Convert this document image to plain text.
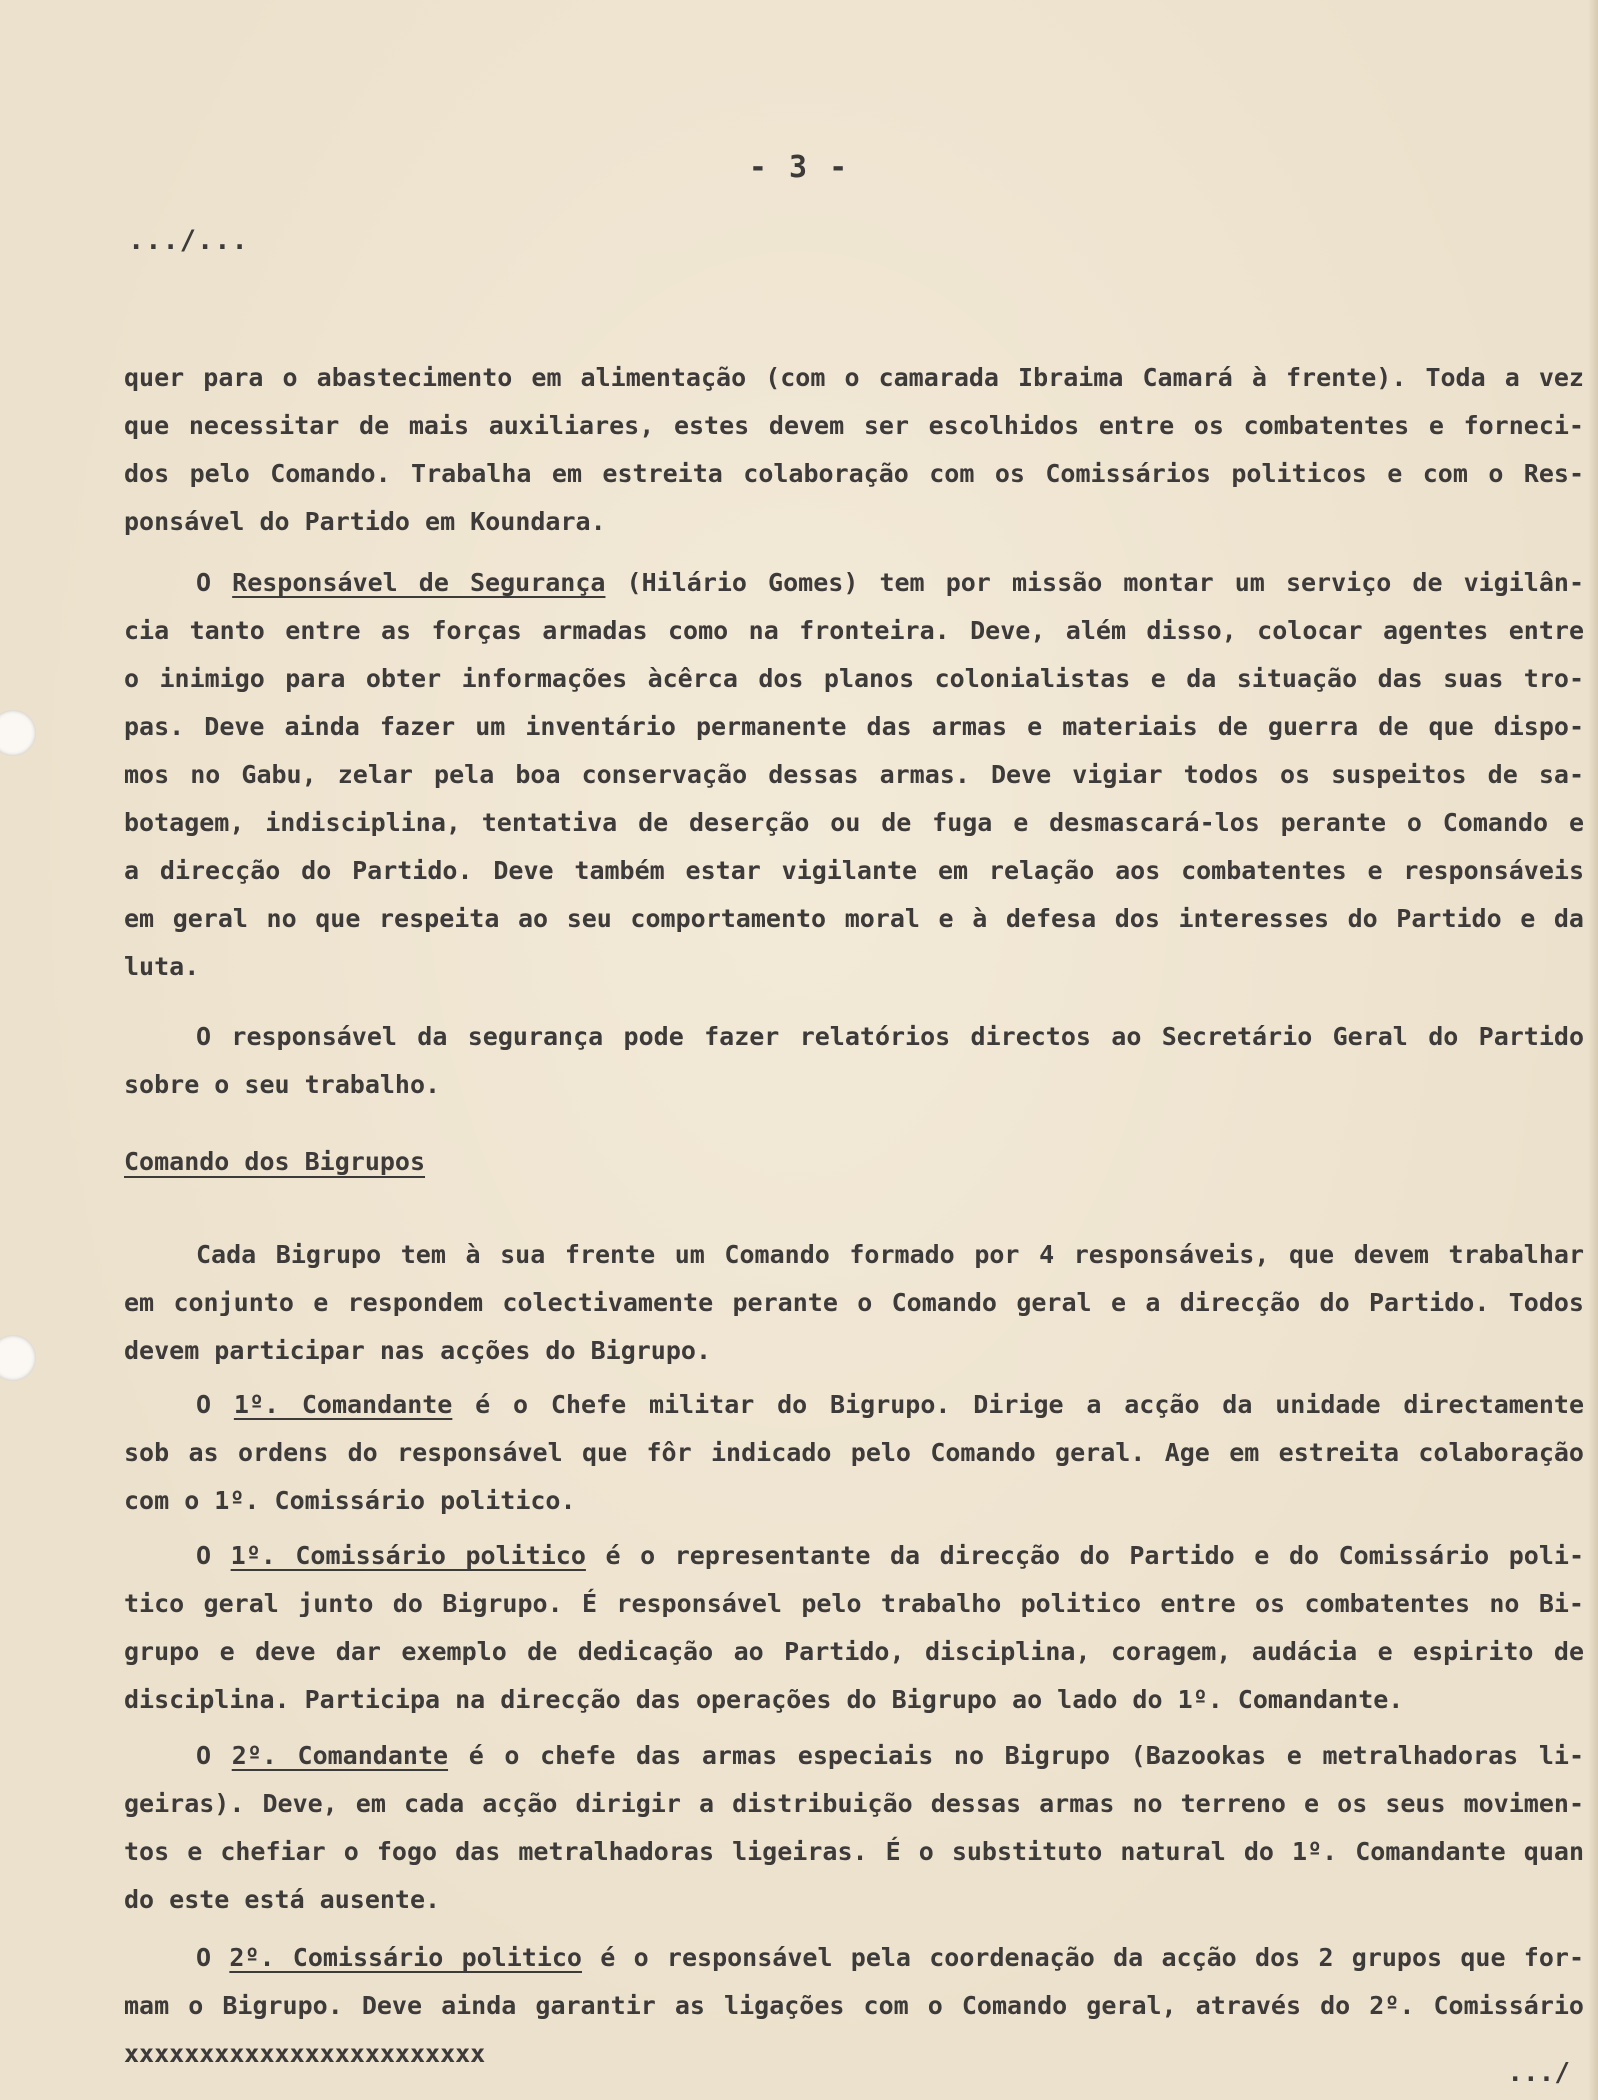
- 3 -
.../...
quer para o abastecimento em alimentação (com o camarada Ibraima Camará à frente). Toda a vez
que necessitar de mais auxiliares, estes devem ser escolhidos entre os combatentes e forneci-
dos pelo Comando. Trabalha em estreita colaboração com os Comissários politicos e com o Res-
ponsável do Partido em Koundara.
O Responsável de Segurança (Hilário Gomes) tem por missão montar um serviço de vigilân-
cia tanto entre as forças armadas como na fronteira. Deve, além disso, colocar agentes entre
o inimigo para obter informações àcêrca dos planos colonialistas e da situação das suas tro-
pas. Deve ainda fazer um inventário permanente das armas e materiais de guerra de que dispo-
mos no Gabu, zelar pela boa conservação dessas armas. Deve vigiar todos os suspeitos de sa-
botagem, indisciplina, tentativa de deserção ou de fuga e desmascará-los perante o Comando e
a direcção do Partido. Deve também estar vigilante em relação aos combatentes e responsáveis
em geral no que respeita ao seu comportamento moral e à defesa dos interesses do Partido e da
luta.
O responsável da segurança pode fazer relatórios directos ao Secretário Geral do Partido
sobre o seu trabalho.
Comando dos Bigrupos
Cada Bigrupo tem à sua frente um Comando formado por 4 responsáveis, que devem trabalhar
em conjunto e respondem colectivamente perante o Comando geral e a direcção do Partido. Todos
devem participar nas acções do Bigrupo.
O 1º. Comandante é o Chefe militar do Bigrupo. Dirige a acção da unidade directamente
sob as ordens do responsável que fôr indicado pelo Comando geral. Age em estreita colaboração
com o 1º. Comissário politico.
O 1º. Comissário politico é o representante da direcção do Partido e do Comissário poli-
tico geral junto do Bigrupo. É responsável pelo trabalho politico entre os combatentes no Bi-
grupo e deve dar exemplo de dedicação ao Partido, disciplina, coragem, audácia e espirito de
disciplina. Participa na direcção das operações do Bigrupo ao lado do 1º. Comandante.
O 2º. Comandante é o chefe das armas especiais no Bigrupo (Bazookas e metralhadoras li-
geiras). Deve, em cada acção dirigir a distribuição dessas armas no terreno e os seus movimen-
tos e chefiar o fogo das metralhadoras ligeiras. É o substituto natural do 1º. Comandante quan
do este está ausente.
O 2º. Comissário politico é o responsável pela coordenação da acção dos 2 grupos que for-
mam o Bigrupo. Deve ainda garantir as ligações com o Comando geral, através do 2º. Comissário
xxxxxxxxxxxxxxxxxxxxxxxx
.../
